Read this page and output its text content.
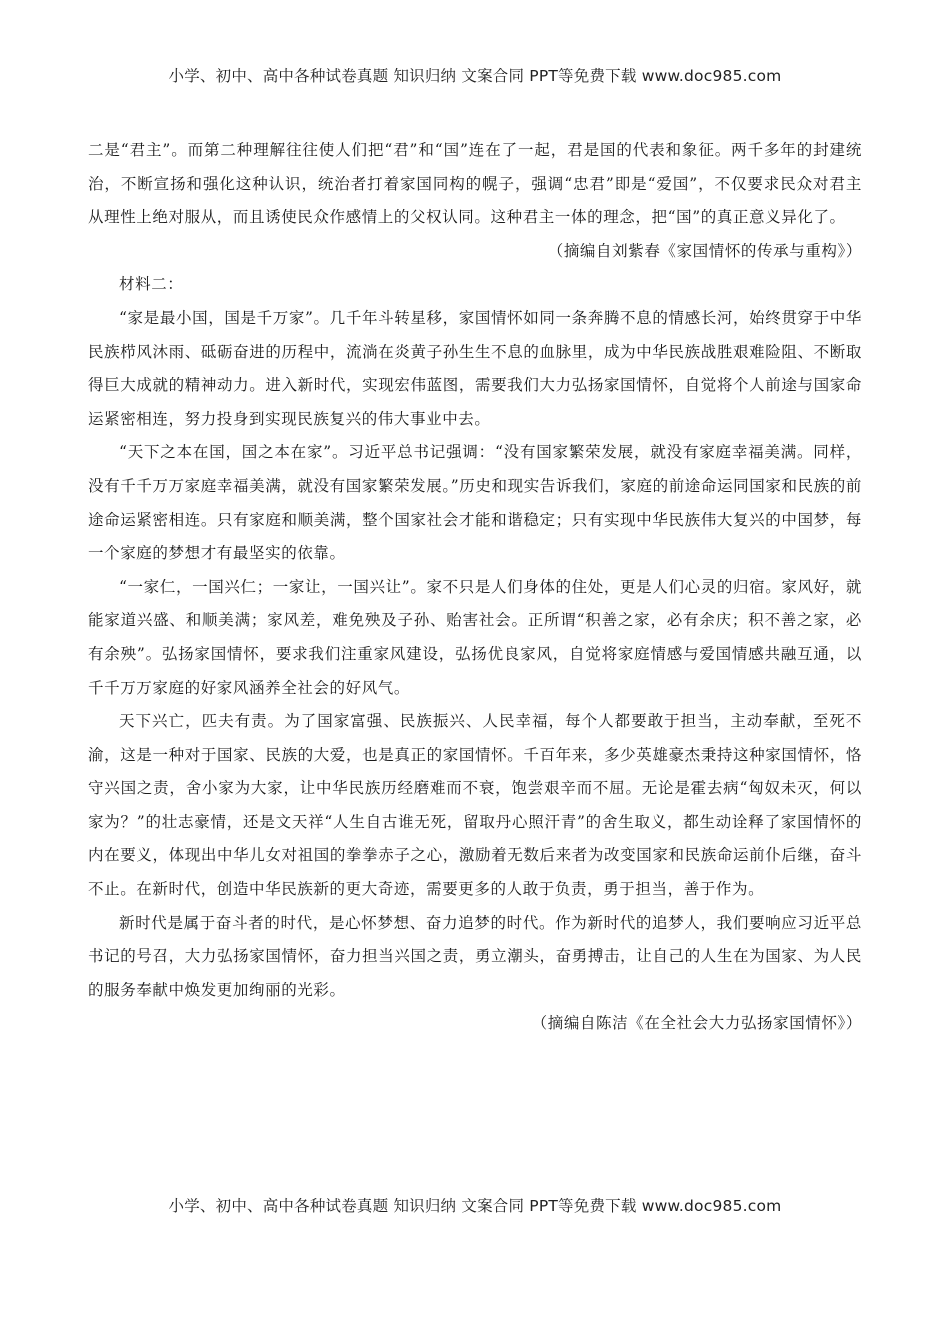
小学、初中、高中各种试卷真题 知识归纳 文案合同 PPT等免费下载 www.doc985.com

二是“君主”。而第二种理解往往使人们把“君”和“国”连在了一起，君是国的代表和象征。两千多年的封建统治，不断宣扬和强化这种认识，统治者打着家国同构的幌子，强调“忠君”即是“爱国”，不仅要求民众对君主从理性上绝对服从，而且诱使民众作感情上的父权认同。这种君主一体的理念，把“国”的真正意义异化了。

（摘编自刘紫春《家国情怀的传承与重构》）

材料二：

“家是最小国，国是千万家”。几千年斗转星移，家国情怀如同一条奔腾不息的情感长河，始终贯穿于中华民族栉风沐雨、砥砺奋进的历程中，流淌在炎黄子孙生生不息的血脉里，成为中华民族战胜艰难险阻、不断取得巨大成就的精神动力。进入新时代，实现宏伟蓝图，需要我们大力弘扬家国情怀，自觉将个人前途与国家命运紧密相连，努力投身到实现民族复兴的伟大事业中去。

“天下之本在国，国之本在家”。习近平总书记强调：“没有国家繁荣发展，就没有家庭幸福美满。同样，没有千千万万家庭幸福美满，就没有国家繁荣发展。”历史和现实告诉我们，家庭的前途命运同国家和民族的前途命运紧密相连。只有家庭和顺美满，整个国家社会才能和谐稳定；只有实现中华民族伟大复兴的中国梦，每一个家庭的梦想才有最坚实的依靠。

“一家仁，一国兴仁；一家让，一国兴让”。家不只是人们身体的住处，更是人们心灵的归宿。家风好，就能家道兴盛、和顺美满；家风差，难免殃及子孙、贻害社会。正所谓“积善之家，必有余庆；积不善之家，必有余殃”。弘扬家国情怀，要求我们注重家风建设，弘扬优良家风，自觉将家庭情感与爱国情感共融互通，以千千万万家庭的好家风涵养全社会的好风气。

天下兴亡，匹夫有责。为了国家富强、民族振兴、人民幸福，每个人都要敢于担当，主动奉献，至死不渝，这是一种对于国家、民族的大爱，也是真正的家国情怀。千百年来，多少英雄豪杰秉持这种家国情怀，恪守兴国之责，舍小家为大家，让中华民族历经磨难而不衰，饱尝艰辛而不屈。无论是霍去病“匈奴未灭，何以家为？”的壮志豪情，还是文天祥“人生自古谁无死，留取丹心照汗青”的舍生取义，都生动诠释了家国情怀的内在要义，体现出中华儿女对祖国的拳拳赤子之心，激励着无数后来者为改变国家和民族命运前仆后继，奋斗不止。在新时代，创造中华民族新的更大奇迹，需要更多的人敢于负责，勇于担当，善于作为。

新时代是属于奋斗者的时代，是心怀梦想、奋力追梦的时代。作为新时代的追梦人，我们要响应习近平总书记的号召，大力弘扬家国情怀，奋力担当兴国之责，勇立潮头，奋勇搏击，让自己的人生在为国家、为人民的服务奉献中焕发更加绚丽的光彩。

（摘编自陈洁《在全社会大力弘扬家国情怀》）

小学、初中、高中各种试卷真题 知识归纳 文案合同 PPT等免费下载 www.doc985.com
